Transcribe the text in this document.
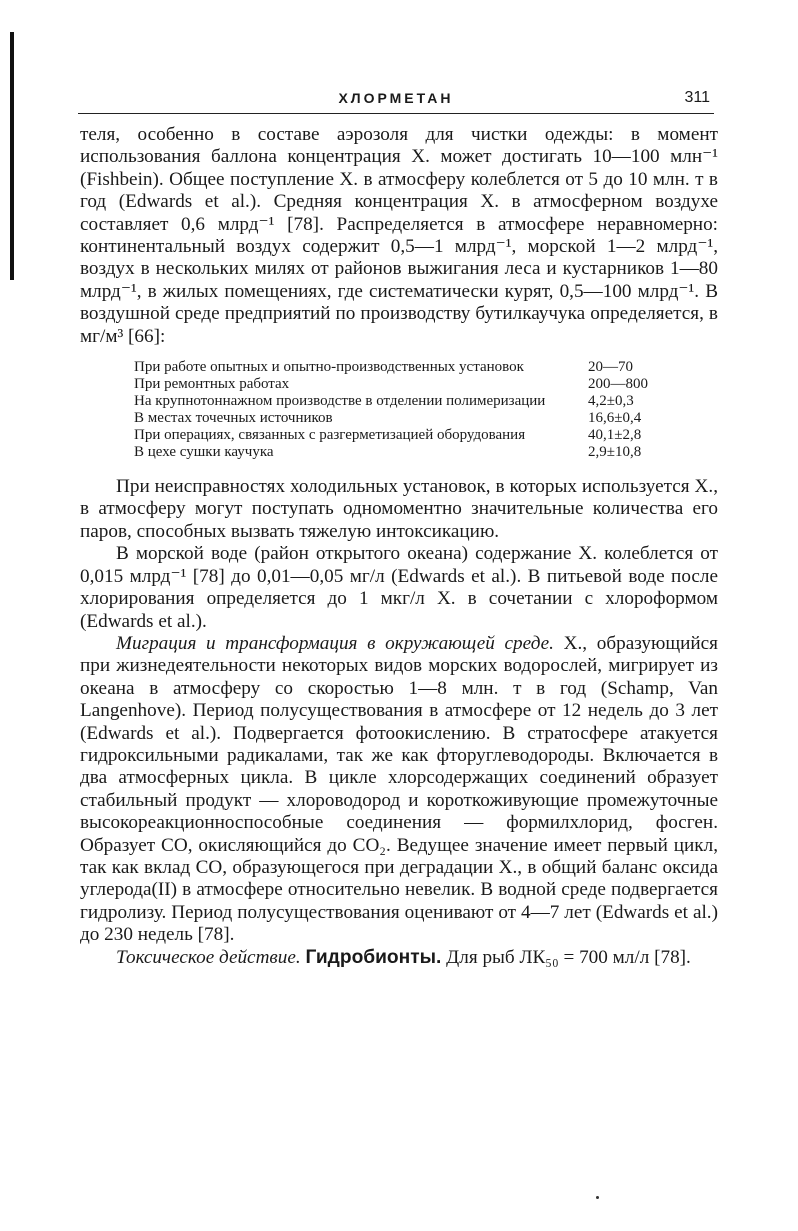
ХЛОРМЕТАН	311

теля, особенно в составе аэрозоля для чистки одежды: в момент использования баллона концентрация Х. может достигать 10—100 млн⁻¹ (Fishbein). Общее поступление Х. в атмосферу колеблется от 5 до 10 млн. т в год (Edwards et al.). Средняя концентрация Х. в атмосферном воздухе составляет 0,6 млрд⁻¹ [78]. Распределяется в атмосфере неравномерно: континентальный воздух содержит 0,5—1 млрд⁻¹, морской 1—2 млрд⁻¹, воздух в нескольких милях от районов выжигания леса и кустарников 1—80 млрд⁻¹, в жилых помещениях, где систематически курят, 0,5—100 млрд⁻¹. В воздушной среде предприятий по производству бутилкаучука определяется, в мг/м³ [66]:

При работе опытных и опытно-производственных установок	20—70
При ремонтных работах	200—800
На крупнотоннажном производстве в отделении полимеризации	4,2±0,3
В местах точечных источников	16,6±0,4
При операциях, связанных с разгерметизацией оборудования	40,1±2,8
В цехе сушки каучука	2,9±10,8

При неисправностях холодильных установок, в которых используется Х., в атмосферу могут поступать одномоментно значительные количества его паров, способных вызвать тяжелую интоксикацию.

В морской воде (район открытого океана) содержание Х. колеблется от 0,015 млрд⁻¹ [78] до 0,01—0,05 мг/л (Edwards et al.). В питьевой воде после хлорирования определяется до 1 мкг/л Х. в сочетании с хлороформом (Edwards et al.).

Миграция и трансформация в окружающей среде. Х., образующийся при жизнедеятельности некоторых видов морских водорослей, мигрирует из океана в атмосферу со скоростью 1—8 млн. т в год (Schamp, Van Langenhove). Период полусуществования в атмосфере от 12 недель до 3 лет (Edwards et al.). Подвергается фотоокислению. В стратосфере атакуется гидроксильными радикалами, так же как фторуглеводороды. Включается в два атмосферных цикла. В цикле хлорсодержащих соединений образует стабильный продукт — хлороводород и короткоживующие промежуточные высокореакционноспособные соединения — формилхлорид, фосген. Образует СО, окисляющийся до СО₂. Ведущее значение имеет первый цикл, так как вклад СО, образующегося при деградации Х., в общий баланс оксида углерода(II) в атмосфере относительно невелик. В водной среде подвергается гидролизу. Период полусуществования оценивают от 4—7 лет (Edwards et al.) до 230 недель [78].

Токсическое действие. Гидробионты. Для рыб ЛК₅₀ = 700 мл/л [78].
